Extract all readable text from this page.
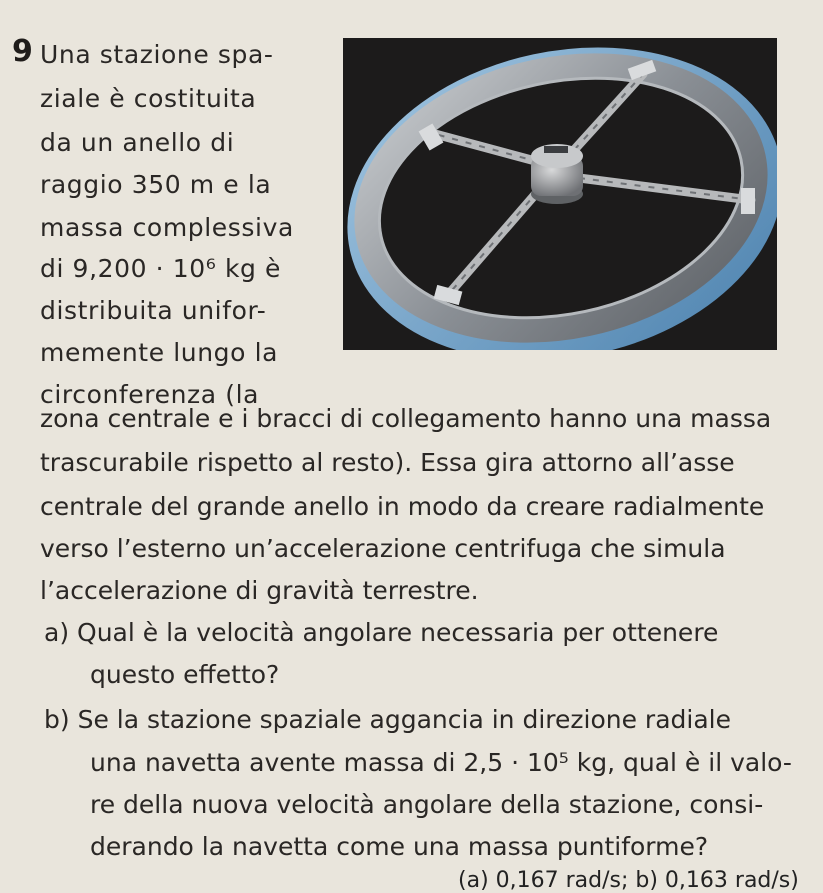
9 Una stazione spa-
ziale è costituita
da un anello di
raggio 350 m e la
massa complessiva
di 9,200 · 10⁶ kg è
distribuita unifor-
memente lungo la
circonferenza (la
zona centrale e i bracci di collegamento hanno una massa
trascurabile rispetto al resto). Essa gira attorno all’asse
centrale del grande anello in modo da creare radialmente
verso l’esterno un’accelerazione centrifuga che simula
l’accelerazione di gravità terrestre.
a) Qual è la velocità angolare necessaria per ottenere
questo effetto?
b) Se la stazione spaziale aggancia in direzione radiale
una navetta avente massa di 2,5 · 10⁵ kg, qual è il valo-
re della nuova velocità angolare della stazione, consi-
derando la navetta come una massa puntiforme?
(a) 0,167 rad/s; b) 0,163 rad/s)
